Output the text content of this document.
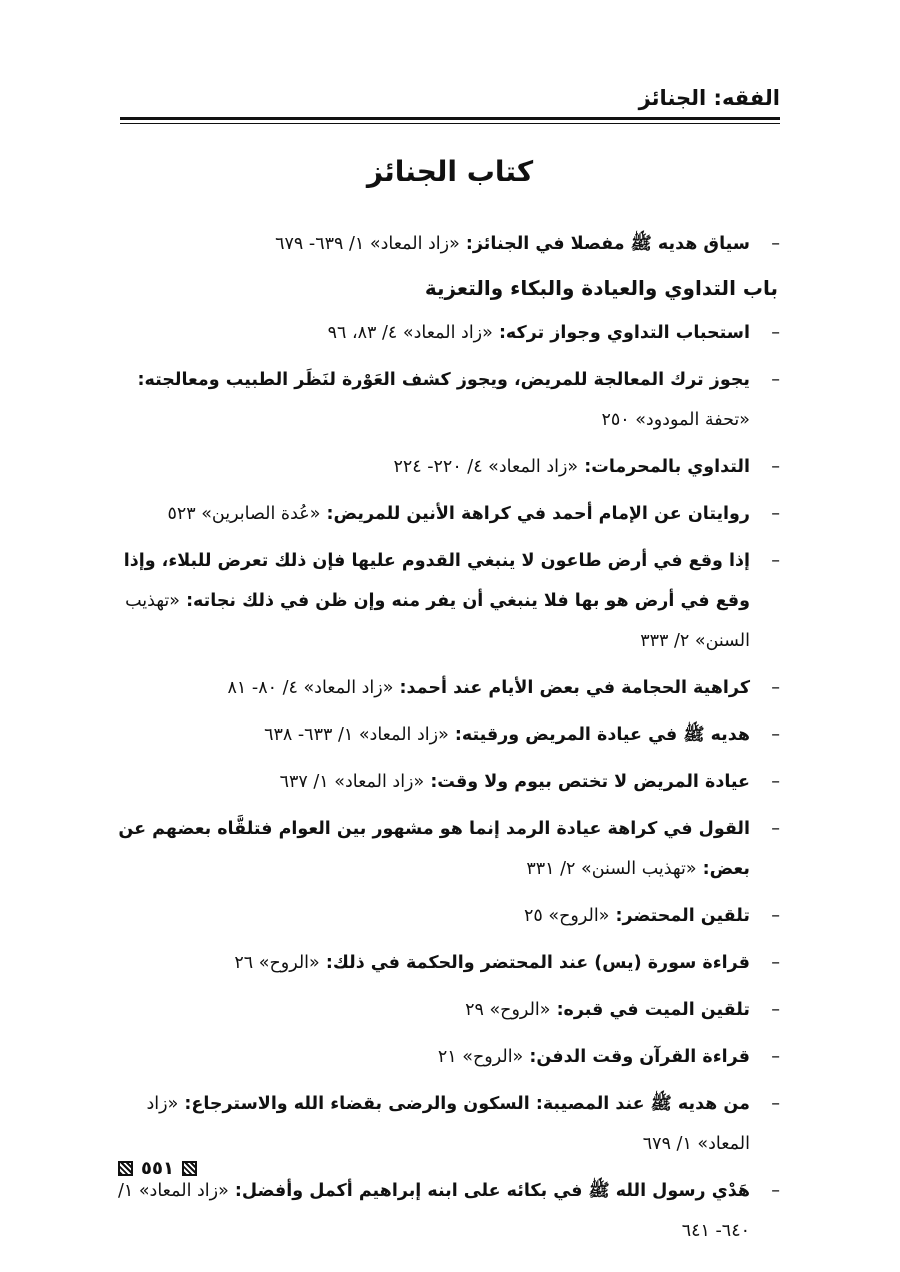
الفقه: الجنائز
كتاب الجنائز
–
سياق هديه ﷺ مفصلا في الجنائز: «زاد المعاد» ١/ ٦٣٩- ٦٧٩
باب التداوي والعيادة والبكاء والتعزية
–
استحباب التداوي وجواز تركه: «زاد المعاد» ٤/ ٨٣، ٩٦
–
يجوز ترك المعالجة للمريض، ويجوز كشف العَوْرة لنَظَر الطبيب ومعالجته: «تحفة المودود» ٢٥٠
–
التداوي بالمحرمات: «زاد المعاد» ٤/ ٢٢٠- ٢٢٤
–
روايتان عن الإمام أحمد في كراهة الأنين للمريض: «عُدة الصابرين» ٥٢٣
–
إذا وقع في أرض طاعون لا ينبغي القدوم عليها فإن ذلك تعرض للبلاء، وإذا وقع في أرض هو بها فلا ينبغي أن يفر منه وإن ظن في ذلك نجاته: «تهذيب السنن» ٢/ ٣٣٣
–
كراهية الحجامة في بعض الأيام عند أحمد: «زاد المعاد» ٤/ ٨٠- ٨١
–
هديه ﷺ في عيادة المريض ورقيته: «زاد المعاد» ١/ ٦٣٣- ٦٣٨
–
عيادة المريض لا تختص بيوم ولا وقت: «زاد المعاد» ١/ ٦٣٧
–
القول في كراهة عيادة الرمد إنما هو مشهور بين العوام فتلقَّاه بعضهم عن بعض: «تهذيب السنن» ٢/ ٣٣١
–
تلقين المحتضر: «الروح» ٢٥
–
قراءة سورة (يس) عند المحتضر والحكمة في ذلك: «الروح» ٢٦
–
تلقين الميت في قبره: «الروح» ٢٩
–
قراءة القرآن وقت الدفن: «الروح» ٢١
–
من هديه ﷺ عند المصيبة: السكون والرضى بقضاء الله والاسترجاع: «زاد المعاد» ١/ ٦٧٩
–
هَدْي رسول الله ﷺ في بكائه على ابنه إبراهيم أكمل وأفضل: «زاد المعاد» ١/ ٦٤٠- ٦٤١
٥٥١
